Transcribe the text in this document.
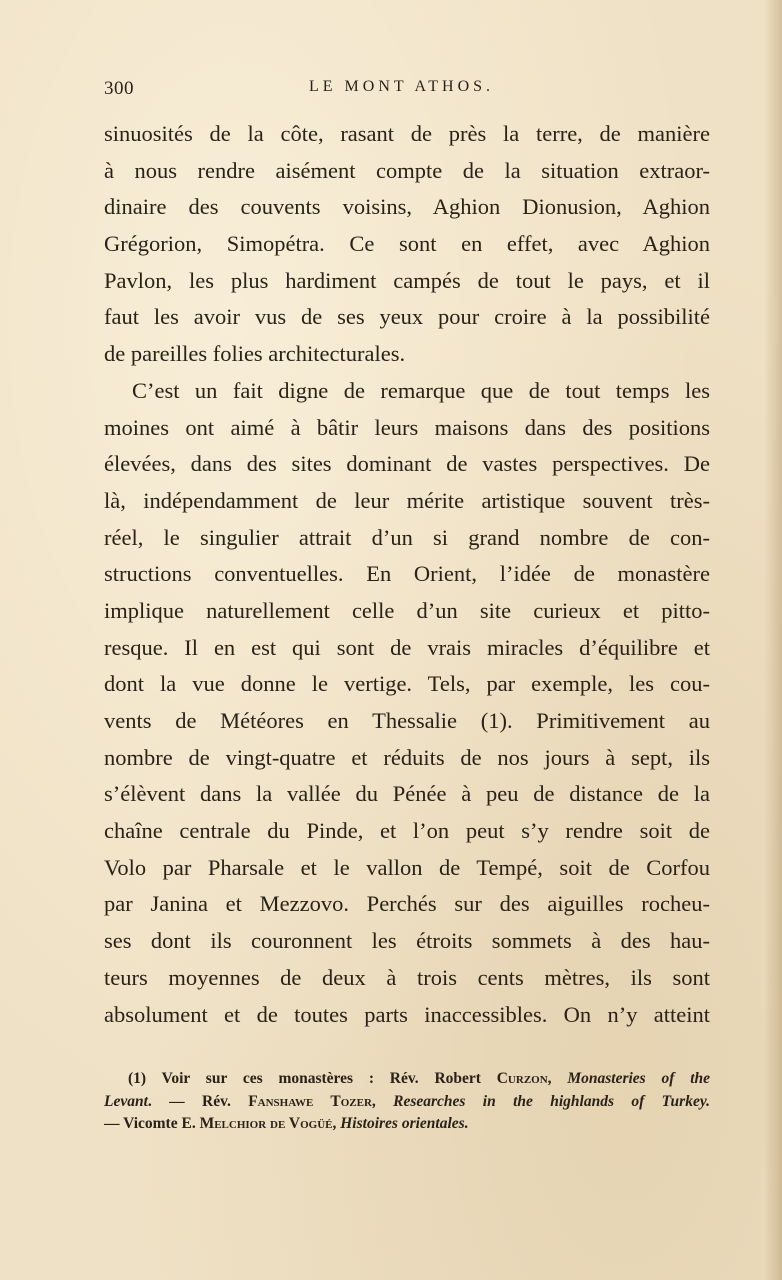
300	LE MONT ATHOS.
sinuosités de la côte, rasant de près la terre, de manière
à nous rendre aisément compte de la situation extraor-
dinaire des couvents voisins, Aghion Dionusion, Aghion
Grégorion, Simopétra. Ce sont en effet, avec Aghion
Pavlon, les plus hardiment campés de tout le pays, et il
faut les avoir vus de ses yeux pour croire à la possibilité
de pareilles folies architecturales.
C’est un fait digne de remarque que de tout temps les
moines ont aimé à bâtir leurs maisons dans des positions
élevées, dans des sites dominant de vastes perspectives. De
là, indépendamment de leur mérite artistique souvent très-
réel, le singulier attrait d’un si grand nombre de con-
structions conventuelles. En Orient, l’idée de monastère
implique naturellement celle d’un site curieux et pitto-
resque. Il en est qui sont de vrais miracles d’équilibre et
dont la vue donne le vertige. Tels, par exemple, les cou-
vents de Météores en Thessalie (1). Primitivement au
nombre de vingt-quatre et réduits de nos jours à sept, ils
s’élèvent dans la vallée du Pénée à peu de distance de la
chaîne centrale du Pinde, et l’on peut s’y rendre soit de
Volo par Pharsale et le vallon de Tempé, soit de Corfou
par Janina et Mezzovo. Perchés sur des aiguilles rocheu-
ses dont ils couronnent les étroits sommets à des hau-
teurs moyennes de deux à trois cents mètres, ils sont
absolument et de toutes parts inaccessibles. On n’y atteint
(1) Voir sur ces monastères : Rév. Robert Curzon, Monasteries of the
Levant. — Rév. Fanshawe Tozer, Researches in the highlands of Turkey.
— Vicomte E. Melchior de Vogüé, Histoires orientales.
